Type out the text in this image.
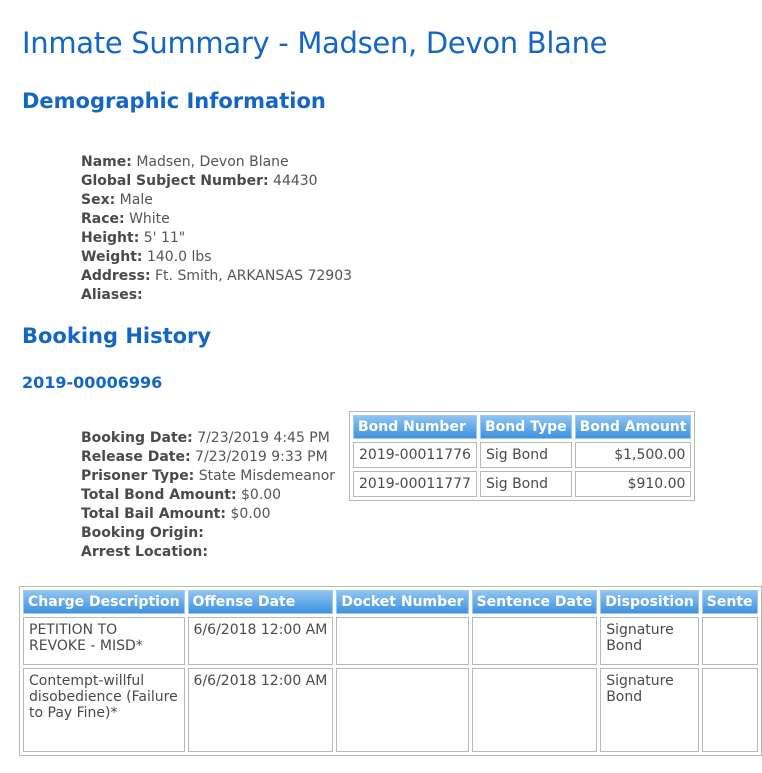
Inmate Summary - Madsen, Devon Blane
Demographic Information
Name: Madsen, Devon Blane
Global Subject Number: 44430
Sex: Male
Race: White
Height: 5' 11"
Weight: 140.0 lbs
Address: Ft. Smith, ARKANSAS 72903
Aliases:
Booking History
2019-00006996
Booking Date: 7/23/2019 4:45 PM
Release Date: 7/23/2019 9:33 PM
Prisoner Type: State Misdemeanor
Total Bond Amount: $0.00
Total Bail Amount: $0.00
Booking Origin:
Arrest Location:
Bond Number	Bond Type	Bond Amount
2019-00011776	Sig Bond	$1,500.00
2019-00011777	Sig Bond	$910.00
Charge Description	Offense Date	Docket Number	Sentence Date	Disposition	Sente
PETITION TO REVOKE - MISD*	6/6/2018 12:00 AM			Signature Bond	
Contempt-willful disobedience (Failure to Pay Fine)*	6/6/2018 12:00 AM			Signature Bond	
